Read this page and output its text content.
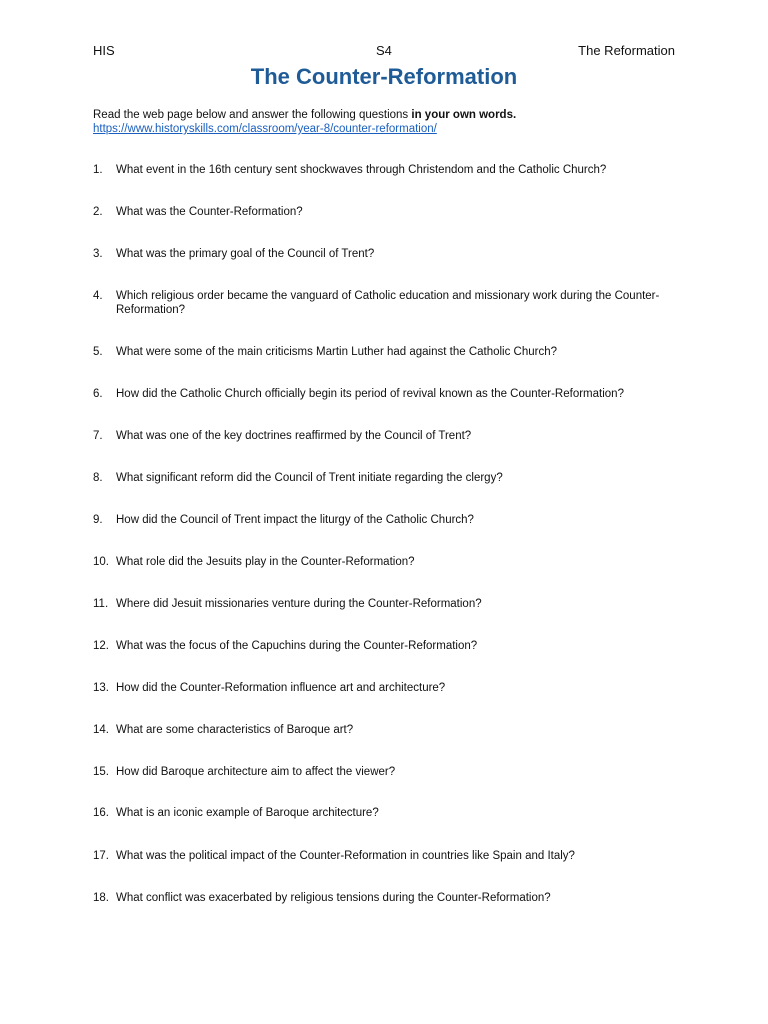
HIS	S4	The Reformation
The Counter-Reformation
Read the web page below and answer the following questions in your own words.
https://www.historyskills.com/classroom/year-8/counter-reformation/
1.	What event in the 16th century sent shockwaves through Christendom and the Catholic Church?
2.	What was the Counter-Reformation?
3.	What was the primary goal of the Council of Trent?
4.	Which religious order became the vanguard of Catholic education and missionary work during the Counter-Reformation?
5.	What were some of the main criticisms Martin Luther had against the Catholic Church?
6.	How did the Catholic Church officially begin its period of revival known as the Counter-Reformation?
7.	What was one of the key doctrines reaffirmed by the Council of Trent?
8.	What significant reform did the Council of Trent initiate regarding the clergy?
9.	How did the Council of Trent impact the liturgy of the Catholic Church?
10. What role did the Jesuits play in the Counter-Reformation?
11. Where did Jesuit missionaries venture during the Counter-Reformation?
12. What was the focus of the Capuchins during the Counter-Reformation?
13. How did the Counter-Reformation influence art and architecture?
14. What are some characteristics of Baroque art?
15. How did Baroque architecture aim to affect the viewer?
16. What is an iconic example of Baroque architecture?
17. What was the political impact of the Counter-Reformation in countries like Spain and Italy?
18. What conflict was exacerbated by religious tensions during the Counter-Reformation?
